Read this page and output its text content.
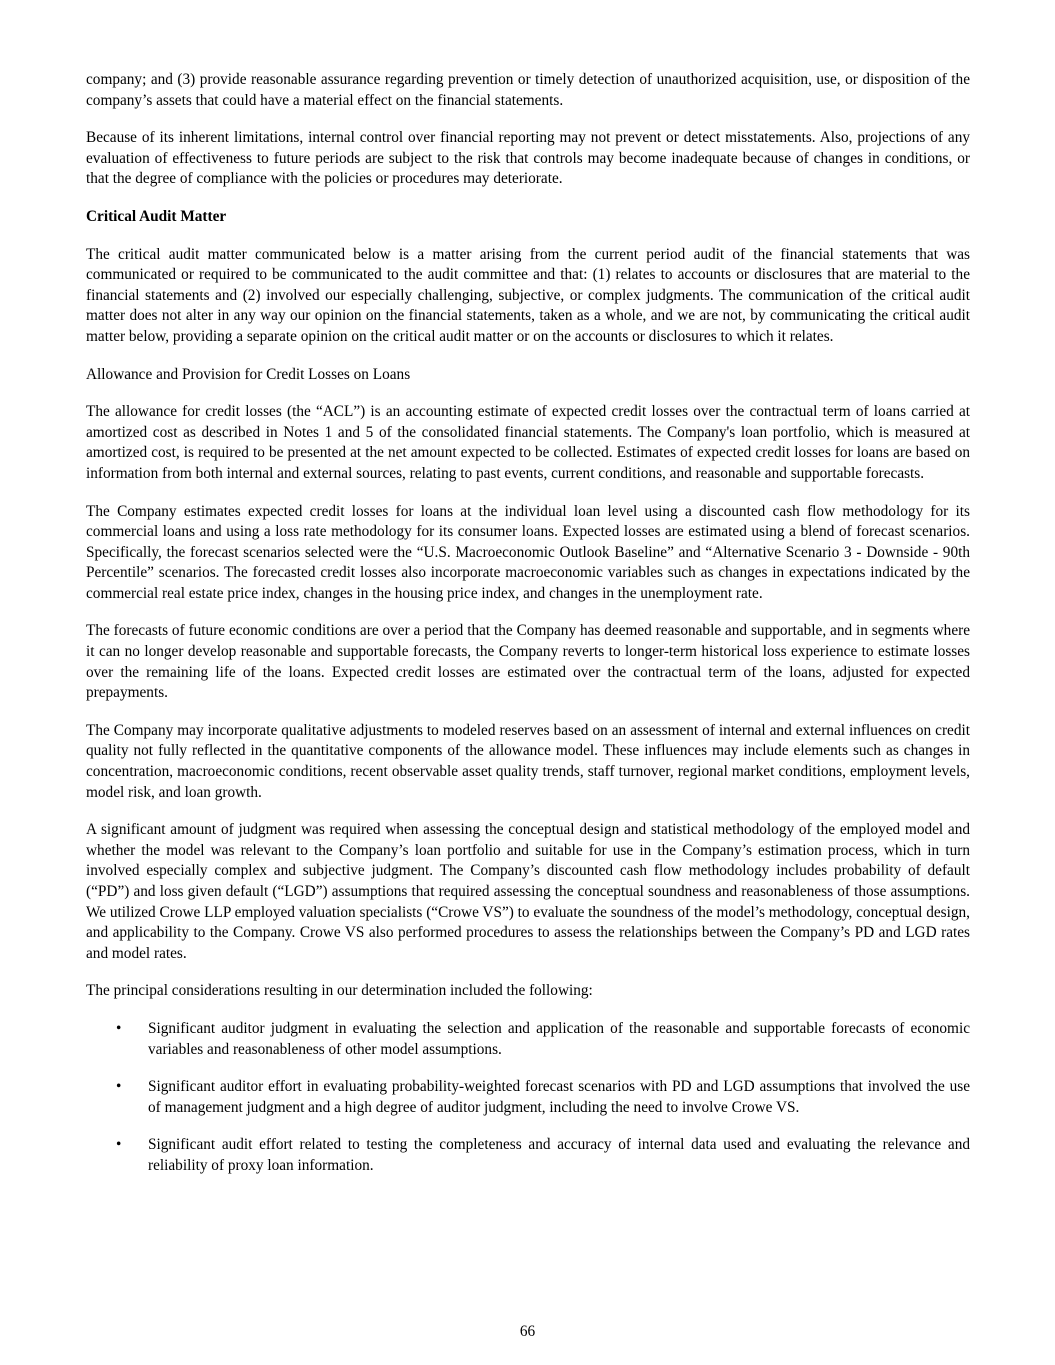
company; and (3) provide reasonable assurance regarding prevention or timely detection of unauthorized acquisition, use, or disposition of the company’s assets that could have a material effect on the financial statements.

Because of its inherent limitations, internal control over financial reporting may not prevent or detect misstatements. Also, projections of any evaluation of effectiveness to future periods are subject to the risk that controls may become inadequate because of changes in conditions, or that the degree of compliance with the policies or procedures may deteriorate.

Critical Audit Matter

The critical audit matter communicated below is a matter arising from the current period audit of the financial statements that was communicated or required to be communicated to the audit committee and that: (1) relates to accounts or disclosures that are material to the financial statements and (2) involved our especially challenging, subjective, or complex judgments. The communication of the critical audit matter does not alter in any way our opinion on the financial statements, taken as a whole, and we are not, by communicating the critical audit matter below, providing a separate opinion on the critical audit matter or on the accounts or disclosures to which it relates.

Allowance and Provision for Credit Losses on Loans

The allowance for credit losses (the “ACL”) is an accounting estimate of expected credit losses over the contractual term of loans carried at amortized cost as described in Notes 1 and 5 of the consolidated financial statements. The Company's loan portfolio, which is measured at amortized cost, is required to be presented at the net amount expected to be collected. Estimates of expected credit losses for loans are based on information from both internal and external sources, relating to past events, current conditions, and reasonable and supportable forecasts.

The Company estimates expected credit losses for loans at the individual loan level using a discounted cash flow methodology for its commercial loans and using a loss rate methodology for its consumer loans. Expected losses are estimated using a blend of forecast scenarios. Specifically, the forecast scenarios selected were the “U.S. Macroeconomic Outlook Baseline” and “Alternative Scenario 3 - Downside - 90th Percentile” scenarios. The forecasted credit losses also incorporate macroeconomic variables such as changes in expectations indicated by the commercial real estate price index, changes in the housing price index, and changes in the unemployment rate.

The forecasts of future economic conditions are over a period that the Company has deemed reasonable and supportable, and in segments where it can no longer develop reasonable and supportable forecasts, the Company reverts to longer-term historical loss experience to estimate losses over the remaining life of the loans. Expected credit losses are estimated over the contractual term of the loans, adjusted for expected prepayments.

The Company may incorporate qualitative adjustments to modeled reserves based on an assessment of internal and external influences on credit quality not fully reflected in the quantitative components of the allowance model. These influences may include elements such as changes in concentration, macroeconomic conditions, recent observable asset quality trends, staff turnover, regional market conditions, employment levels, model risk, and loan growth.

A significant amount of judgment was required when assessing the conceptual design and statistical methodology of the employed model and whether the model was relevant to the Company’s loan portfolio and suitable for use in the Company’s estimation process, which in turn involved especially complex and subjective judgment. The Company’s discounted cash flow methodology includes probability of default (“PD”) and loss given default (“LGD”) assumptions that required assessing the conceptual soundness and reasonableness of those assumptions. We utilized Crowe LLP employed valuation specialists (“Crowe VS”) to evaluate the soundness of the model’s methodology, conceptual design, and applicability to the Company. Crowe VS also performed procedures to assess the relationships between the Company’s PD and LGD rates and model rates.

The principal considerations resulting in our determination included the following:

• Significant auditor judgment in evaluating the selection and application of the reasonable and supportable forecasts of economic variables and reasonableness of other model assumptions.
• Significant auditor effort in evaluating probability-weighted forecast scenarios with PD and LGD assumptions that involved the use of management judgment and a high degree of auditor judgment, including the need to involve Crowe VS.
• Significant audit effort related to testing the completeness and accuracy of internal data used and evaluating the relevance and reliability of proxy loan information.
66
